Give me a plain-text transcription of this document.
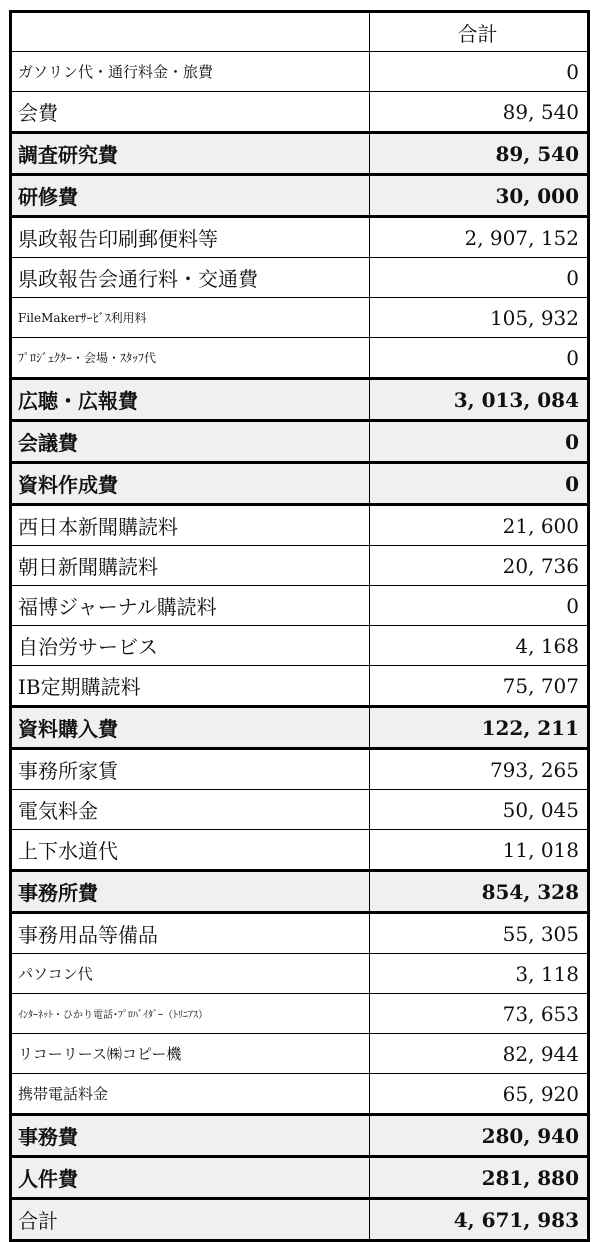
	合計
ガソリン代・通行料金・旅費	0
会費	89, 540
調査研究費	89, 540
研修費	30, 000
県政報告印刷郵便料等	2, 907, 152
県政報告会通行料・交通費	0
FileMakerｻｰﾋﾞｽ利用料	105, 932
ﾌﾟﾛｼﾞｪｸﾀｰ・会場・ｽﾀｯﾌ代	0
広聴・広報費	3, 013, 084
会議費	0
資料作成費	0
西日本新聞購読料	21, 600
朝日新聞購読料	20, 736
福博ジャーナル購読料	0
自治労サービス	4, 168
IB定期購読料	75, 707
資料購入費	122, 211
事務所家賃	793, 265
電気料金	50, 045
上下水道代	11, 018
事務所費	854, 328
事務用品等備品	55, 305
パソコン代	3, 118
ｲﾝﾀｰﾈｯﾄ・ひかり電話･ﾌﾟﾛﾊﾞｲﾀﾞｰ（ﾄﾘﾆｱｽ）	73, 653
リコーリース㈱コピー機	82, 944
携帯電話料金	65, 920
事務費	280, 940
人件費	281, 880
合計	4, 671, 983
